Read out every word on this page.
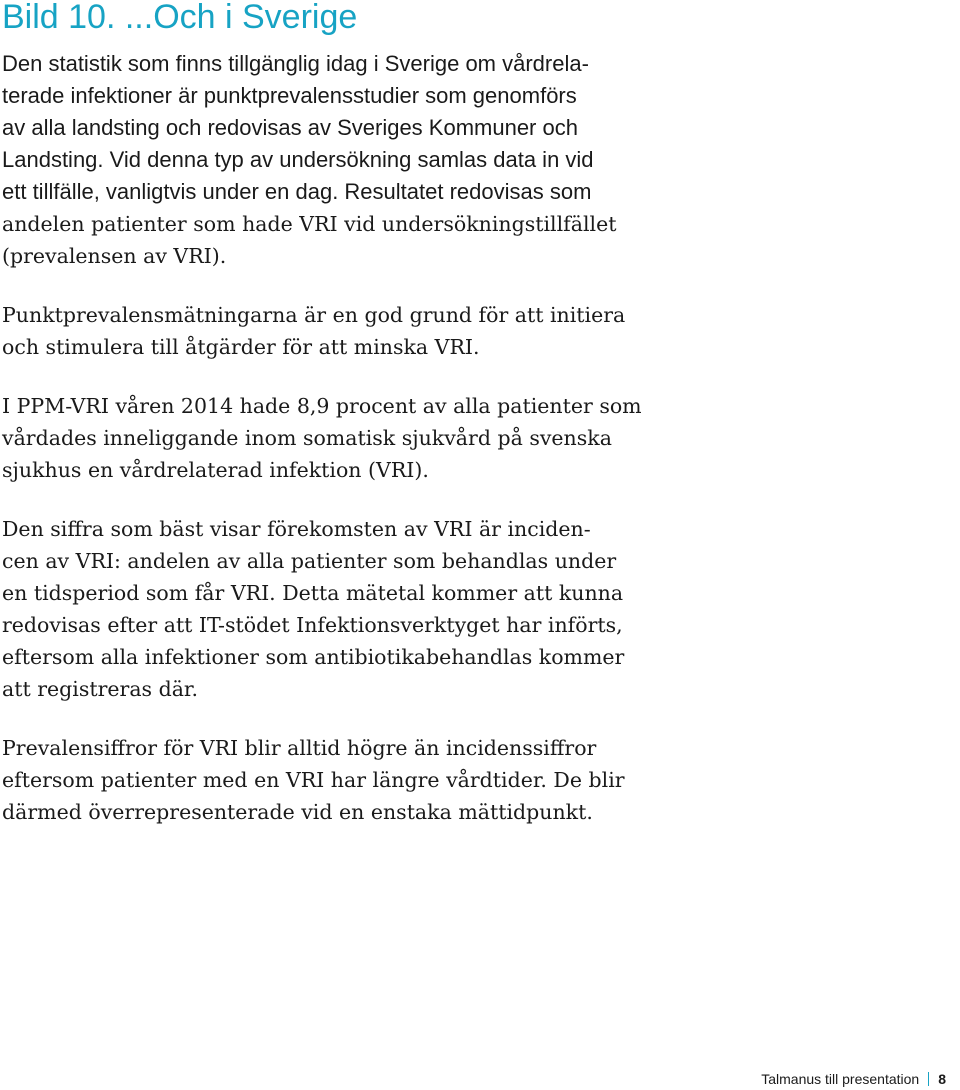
Bild 10. ...Och i Sverige

Den statistik som finns tillgänglig idag i Sverige om vårdrela-
terade infektioner är punktprevalensstudier som genomförs
av alla landsting och redovisas av Sveriges Kommuner och
Landsting. Vid denna typ av undersökning samlas data in vid
ett tillfälle, vanligtvis under en dag. Resultatet redovisas som
andelen patienter som hade VRI vid undersökningstillfället
(prevalensen av VRI).

Punktprevalensmätningarna är en god grund för att initiera
och stimulera till åtgärder för att minska VRI.

I PPM-VRI våren 2014 hade 8,9 procent av alla patienter som
vårdades inneliggande inom somatisk sjukvård på svenska
sjukhus en vårdrelaterad infektion (VRI).

Den siffra som bäst visar förekomsten av VRI är inciden-
cen av VRI: andelen av alla patienter som behandlas under
en tidsperiod som får VRI. Detta mätetal kommer att kunna
redovisas efter att IT-stödet Infektionsverktyget har införts,
eftersom alla infektioner som antibiotikabehandlas kommer
att registreras där.

Prevalensiffror för VRI blir alltid högre än incidenssiffror
eftersom patienter med en VRI har längre vårdtider. De blir
därmed överrepresenterade vid en enstaka mättidpunkt.

Talmanus till presentation 8
